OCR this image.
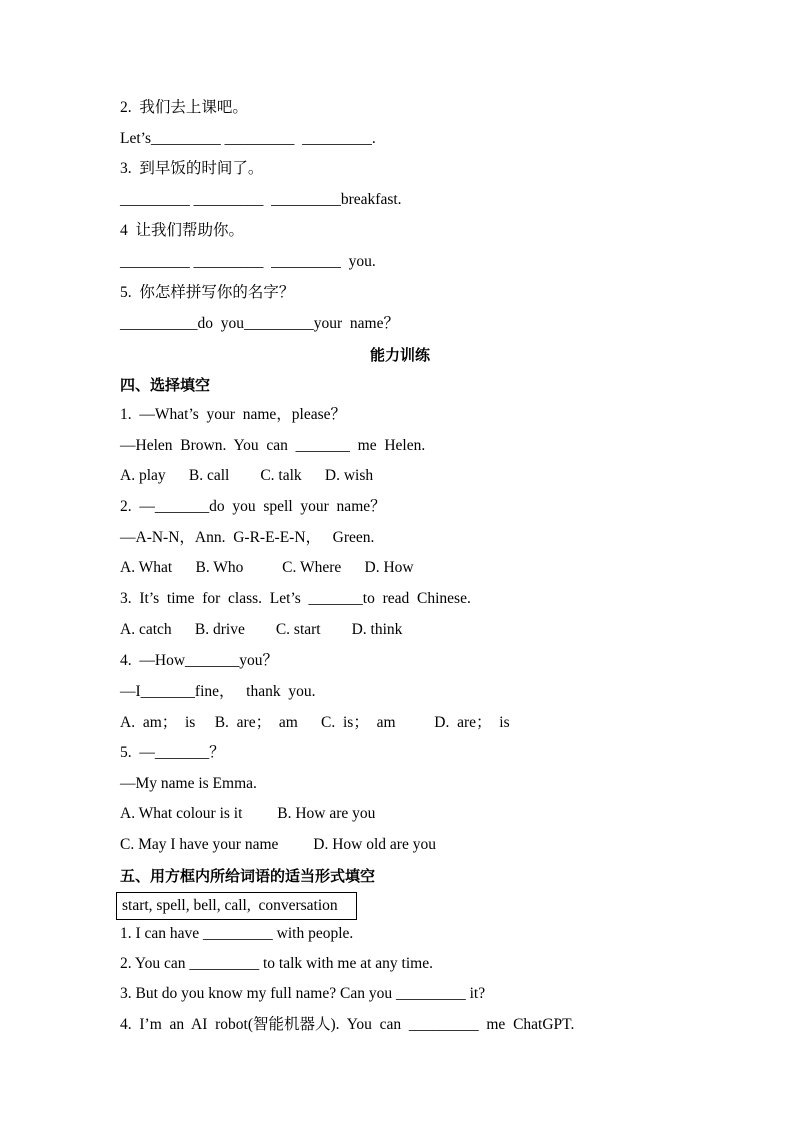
2.  我们去上课吧。
Let’s_________ _________  _________.
3.  到早饭的时间了。
_________ _________  _________breakfast.
4  让我们帮助你。
_________ _________  _________  you.
5.  你怎样拼写你的名字？
__________do  you_________your  name？
能力训练
四、选择填空
1.  —What’s  your  name，please？
—Helen  Brown.  You  can  _______  me  Helen.
A. play      B. call        C. talk      D. wish
2.  —_______do  you  spell  your  name？
—A-N-N，Ann.  G-R-E-E-N，   Green.
A. What      B. Who          C. Where      D. How
3.  It’s  time  for  class.  Let’s  _______to  read  Chinese.
A. catch      B. drive        C. start        D. think
4.  —How_______you？
—I_______fine，   thank  you.
A.  am；  is     B.  are；  am      C.  is；  am          D.  are；  is
5.  —_______？
—My name is Emma.
A. What colour is it         B. How are you
C. May I have your name         D. How old are you
五、用方框内所给词语的适当形式填空
start, spell, bell, call,  conversation
1. I can have _________ with people.
2. You can _________ to talk with me at any time.
3. But do you know my full name? Can you _________ it?
4.  I’m  an  AI  robot(智能机器人).  You  can  _________  me  ChatGPT.
